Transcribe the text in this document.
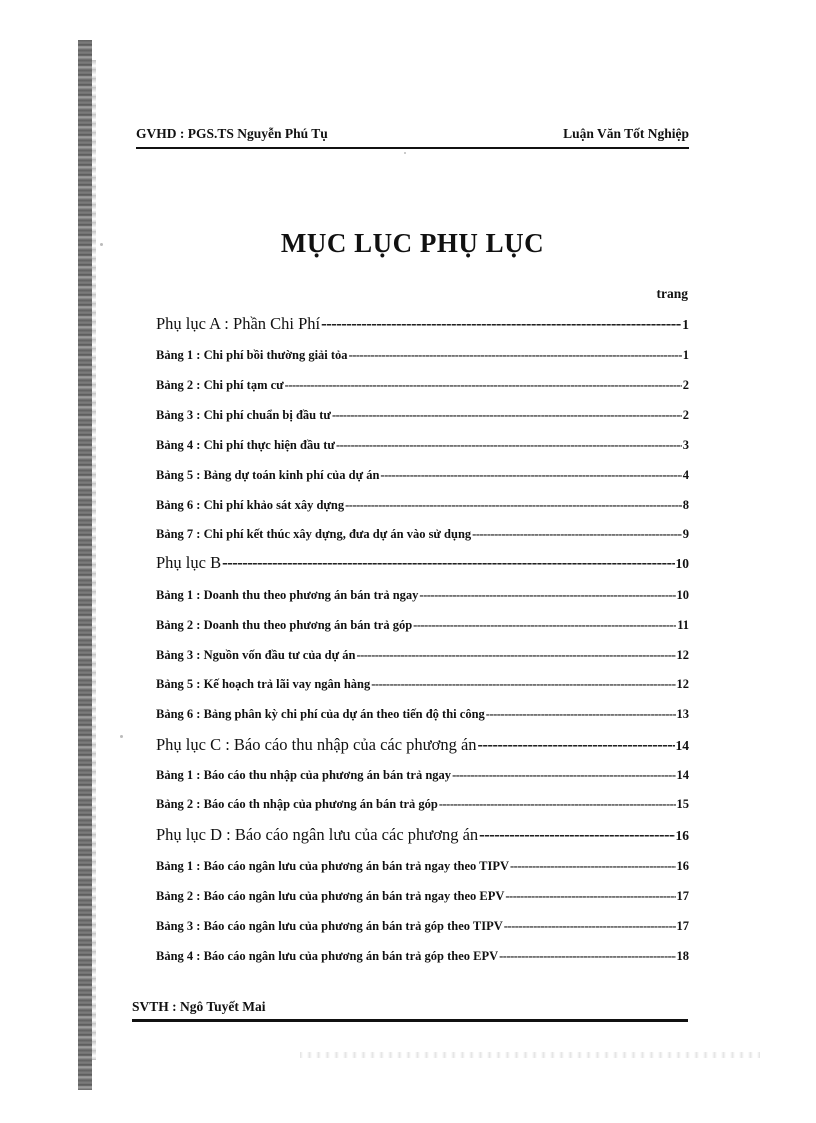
GVHD : PGS.TS Nguyễn Phú Tụ	Luận Văn Tốt Nghiệp
MỤC LỤC PHỤ LỤC
trang
Phụ lục A : Phần Chi Phí -----	1
Bảng 1 : Chi phí bồi thường giải tỏa -----	1
Bảng 2 : Chi phí tạm cư -----	2
Bảng 3 : Chi phí chuẩn bị đầu tư -----	2
Bảng 4 : Chi phí thực hiện đầu tư -----	3
Bảng 5 : Bảng dự toán kinh phí của dự án -----	4
Bảng 6 : Chi phí khảo sát xây dựng -----	8
Bảng 7 : Chi phí kết thúc xây dựng, đưa dự án vào sử dụng -----	9
Phụ lục B -----	10
Bảng 1 : Doanh thu theo phương án bán trả ngay -----	10
Bảng 2 : Doanh thu theo phương án bán trả góp -----	11
Bảng 3 : Nguồn vốn đầu tư của dự án -----	12
Bảng 5 : Kế hoạch trả lãi vay ngân hàng -----	12
Bảng 6 : Bảng phân kỳ chi phí của dự án theo tiến độ thi công -----	13
Phụ lục C : Báo cáo thu nhập của các phương án -----	14
Bảng 1 : Báo cáo thu nhập của phương án bán trả ngay -----	14
Bảng 2 : Báo cáo th nhập của phương án bán trả góp -----	15
Phụ lục D : Báo cáo ngân lưu của các phương án -----	16
Bảng 1 : Báo cáo ngân lưu của phương án bán trả ngay theo TIPV -----	16
Bảng 2 : Báo cáo ngân lưu của phương án bán trả ngay theo EPV -----	17
Bảng 3 : Báo cáo ngân lưu của phương án bán trả góp theo TIPV -----	17
Bảng 4 : Báo cáo ngân lưu của phương án bán trả góp theo EPV -----	18
SVTH : Ngô Tuyết Mai
